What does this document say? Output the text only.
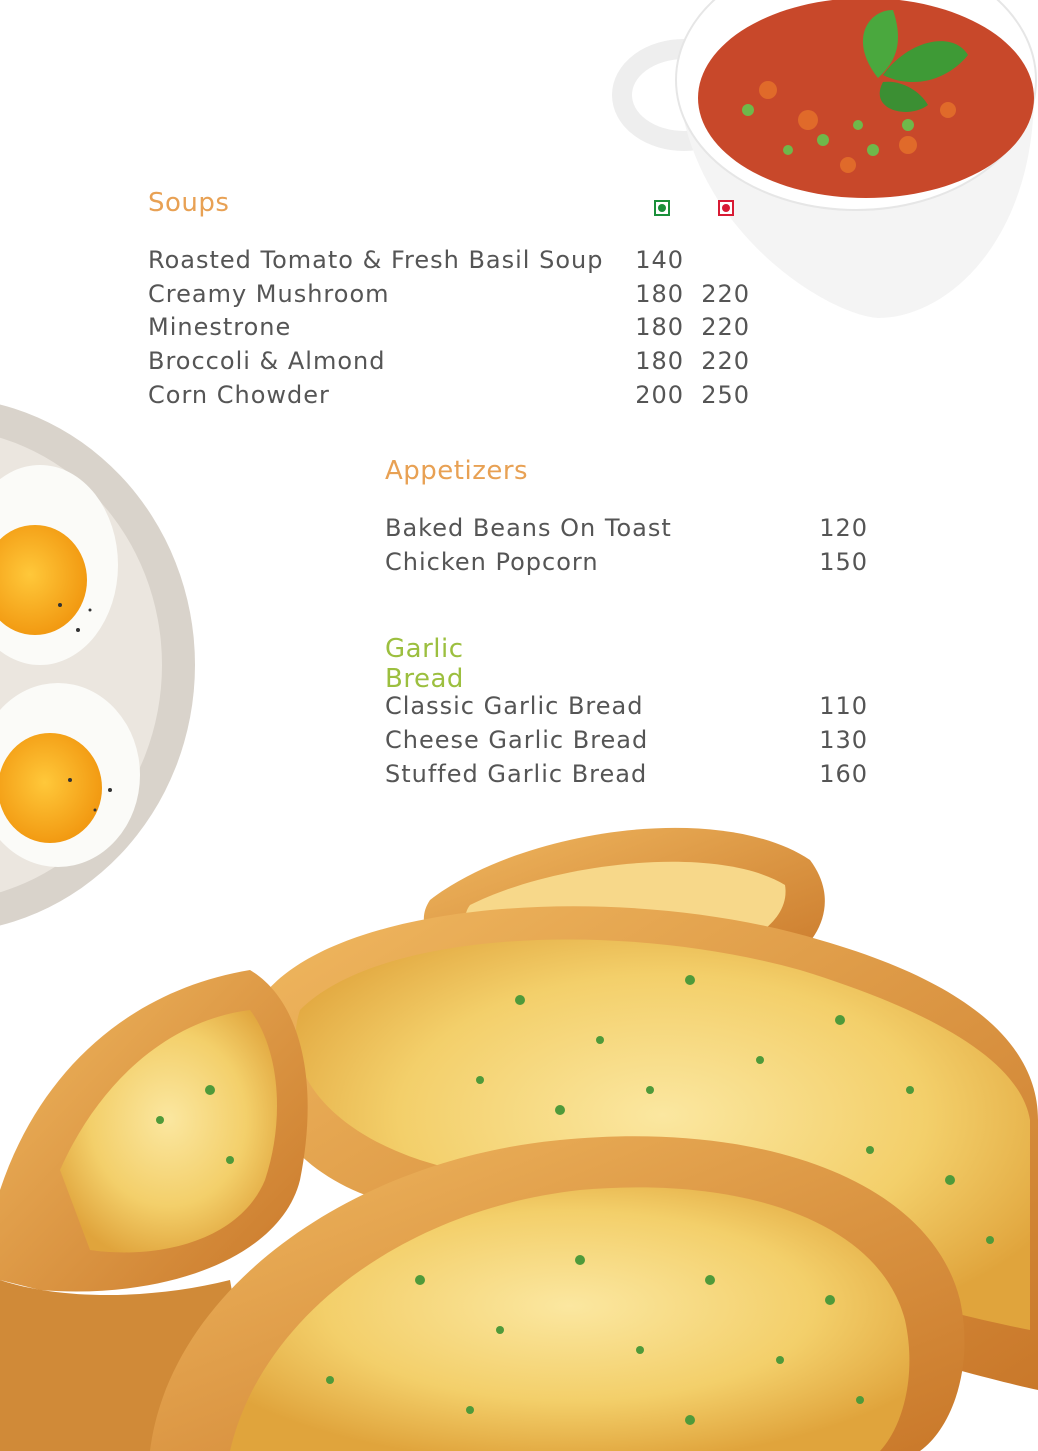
Soups
Roasted Tomato & Fresh Basil Soup	140
Creamy Mushroom	180 220
Minestrone	180 220
Broccoli & Almond	180 220
Corn Chowder	200 250
Appetizers
Baked Beans On Toast	120
Chicken Popcorn	150
Garlic Bread
Classic Garlic Bread	110
Cheese Garlic Bread	130
Stuffed Garlic Bread	160
